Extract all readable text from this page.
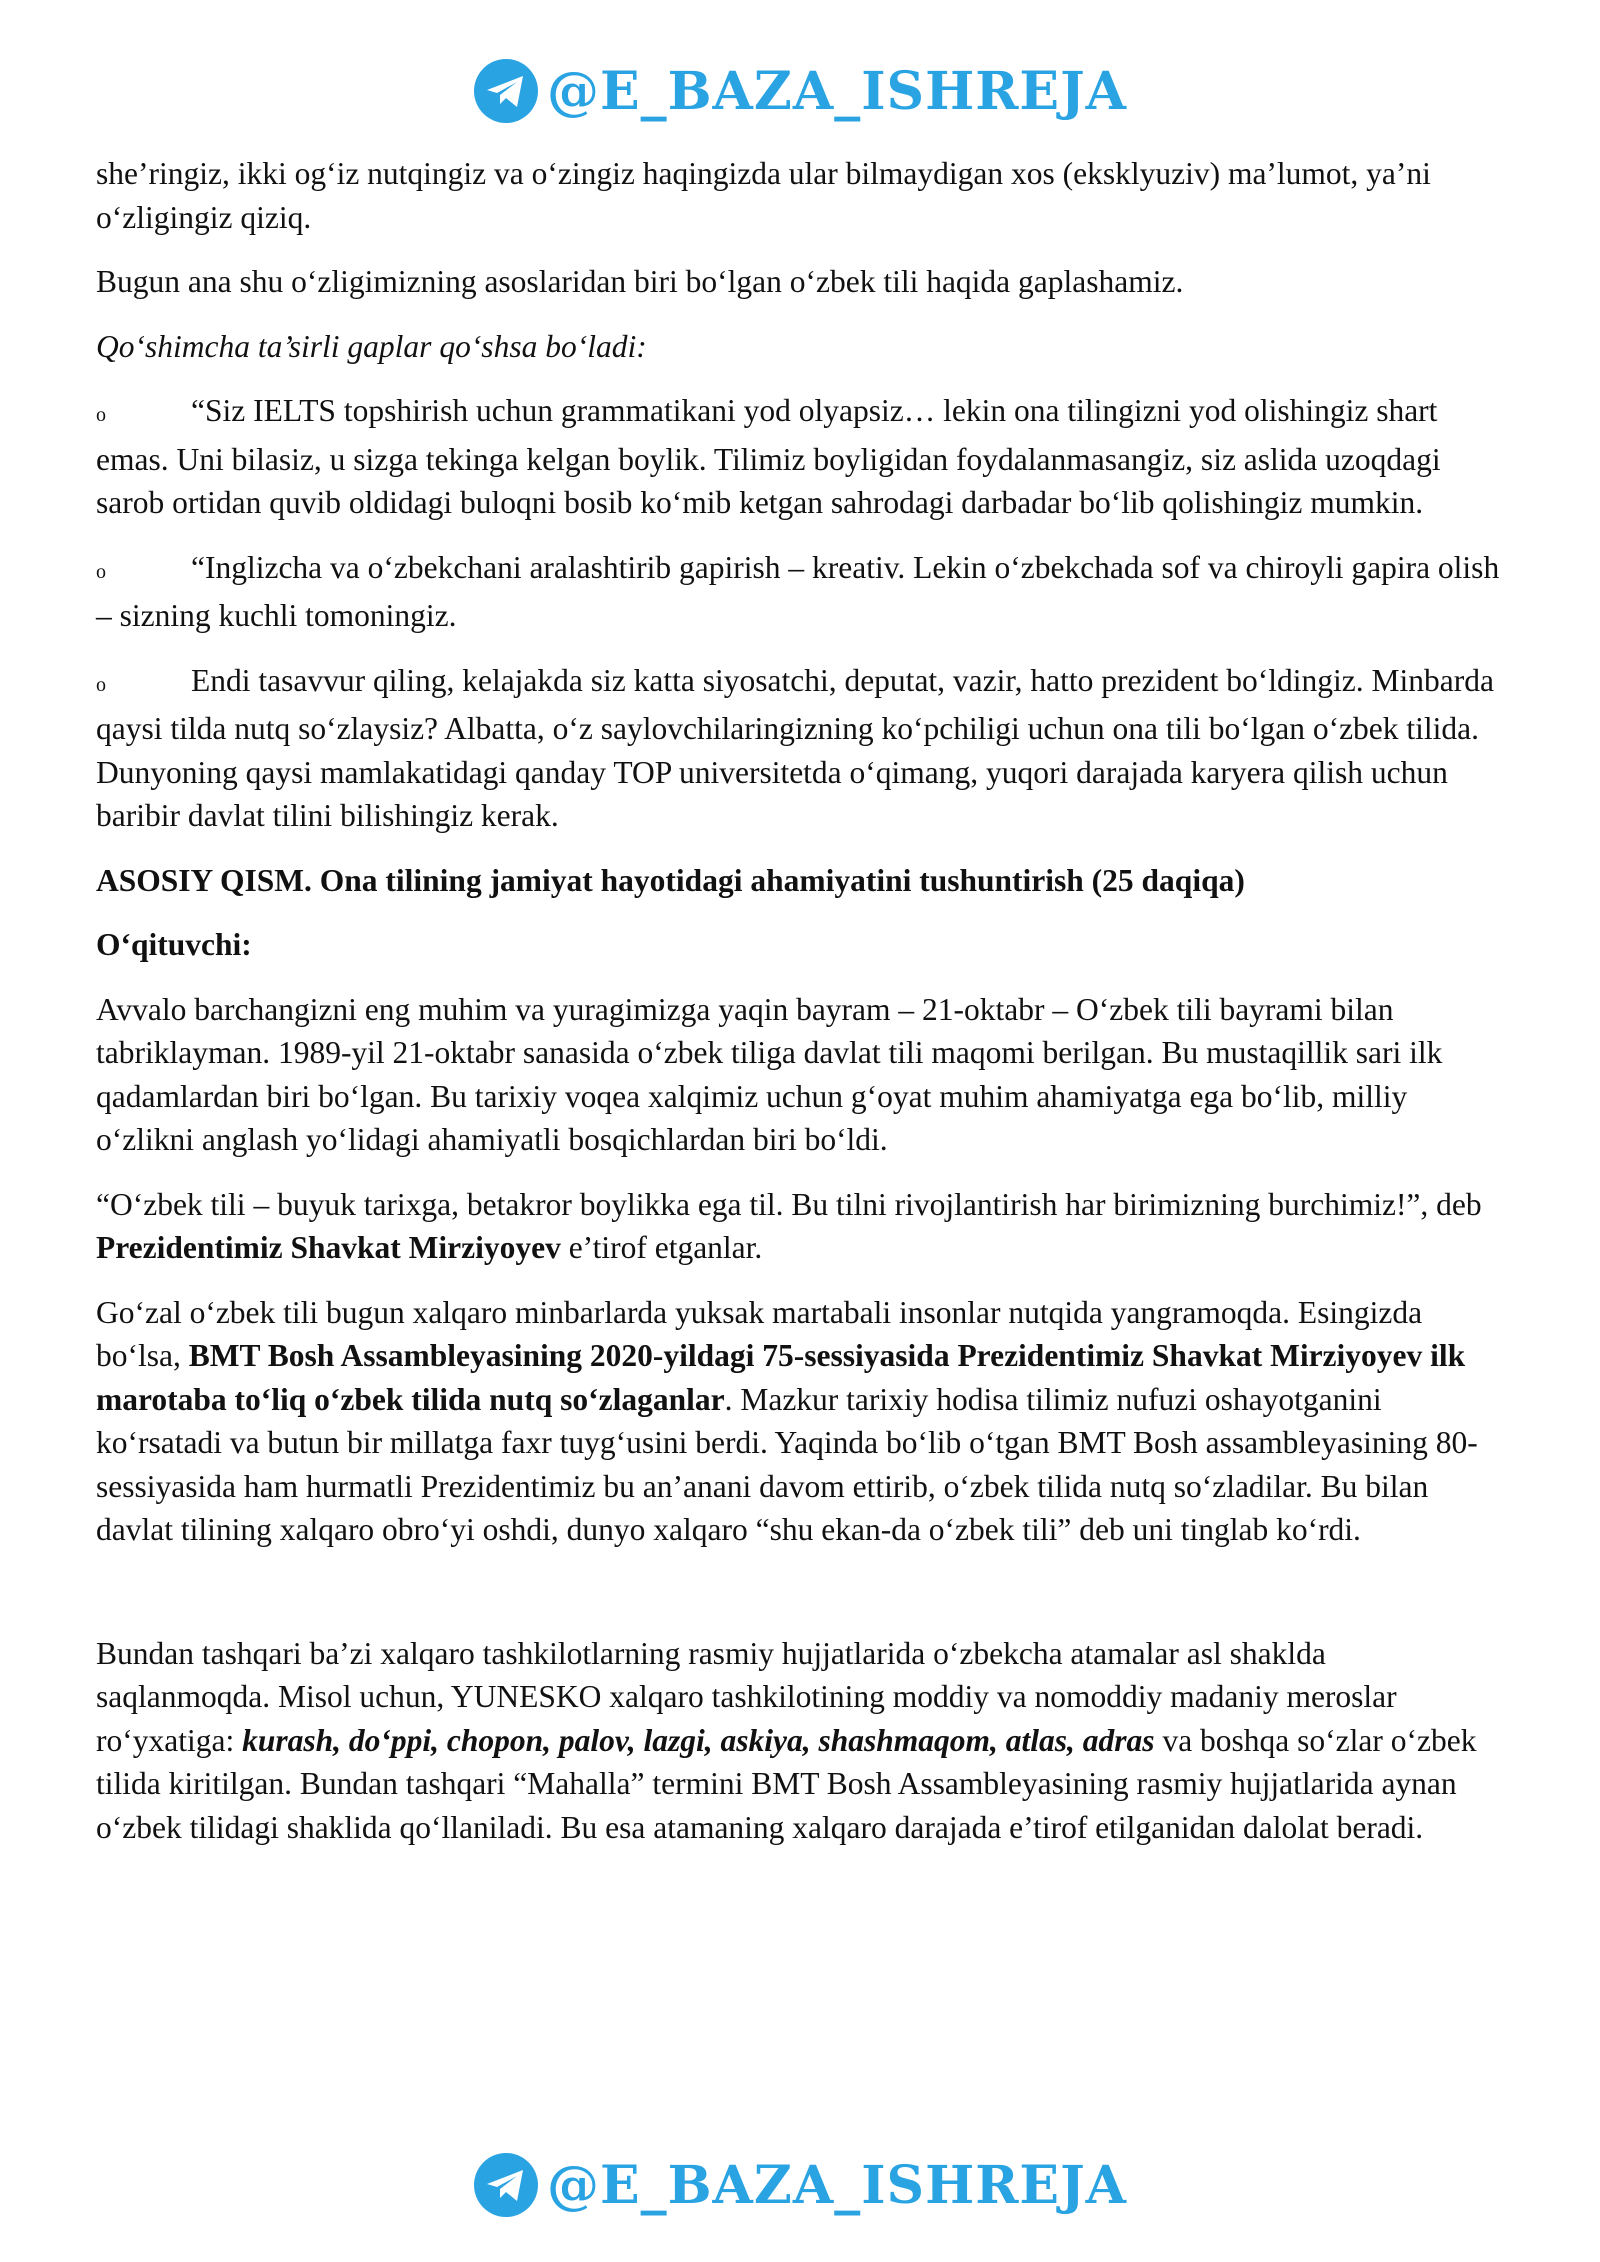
@E_BAZA_ISHREJA

she’ringiz, ikki og‘iz nutqingiz va o‘zingiz haqingizda ular bilmaydigan xos (eksklyuziv) ma’lumot, ya’ni o‘zligingiz qiziq.

Bugun ana shu o‘zligimizning asoslaridan biri bo‘lgan o‘zbek tili haqida gaplashamiz.

Qo‘shimcha ta’sirli gaplar qo‘shsa bo‘ladi:

o	“Siz IELTS topshirish uchun grammatikani yod olyapsiz… lekin ona tilingizni yod olishingiz shart emas. Uni bilasiz, u sizga tekinga kelgan boylik. Tilimiz boyligidan foydalanmasangiz, siz aslida uzoqdagi sarob ortidan quvib oldidagi buloqni bosib ko‘mib ketgan sahrodagi darbadar bo‘lib qolishingiz mumkin.

o	“Inglizcha va o‘zbekchani aralashtirib gapirish – kreativ. Lekin o‘zbekchada sof va chiroyli gapira olish – sizning kuchli tomoningiz.

o	Endi tasavvur qiling, kelajakda siz katta siyosatchi, deputat, vazir, hatto prezident bo‘ldingiz. Minbarda qaysi tilda nutq so‘zlaysiz? Albatta, o‘z saylovchilaringizning ko‘pchiligi uchun ona tili bo‘lgan o‘zbek tilida. Dunyoning qaysi mamlakatidagi qanday TOP universitetda o‘qimang, yuqori darajada karyera qilish uchun baribir davlat tilini bilishingiz kerak.

ASOSIY QISM. Ona tilining jamiyat hayotidagi ahamiyatini tushuntirish (25 daqiqa)

O‘qituvchi:

Avvalo barchangizni eng muhim va yuragimizga yaqin bayram – 21-oktabr – O‘zbek tili bayrami bilan tabriklayman. 1989-yil 21-oktabr sanasida o‘zbek tiliga davlat tili maqomi berilgan. Bu mustaqillik sari ilk qadamlardan biri bo‘lgan. Bu tarixiy voqea xalqimiz uchun g‘oyat muhim ahamiyatga ega bo‘lib, milliy o‘zlikni anglash yo‘lidagi ahamiyatli bosqichlardan biri bo‘ldi.

“O‘zbek tili – buyuk tarixga, betakror boylikka ega til. Bu tilni rivojlantirish har birimizning burchimiz!”, deb Prezidentimiz Shavkat Mirziyoyev e’tirof etganlar.

Go‘zal o‘zbek tili bugun xalqaro minbarlarda yuksak martabali insonlar nutqida yangramoqda. Esingizda bo‘lsa, BMT Bosh Assambleyasining 2020-yildagi 75-sessiyasida Prezidentimiz Shavkat Mirziyoyev ilk marotaba to‘liq o‘zbek tilida nutq so‘zlaganlar. Mazkur tarixiy hodisa tilimiz nufuzi oshayotganini ko‘rsatadi va butun bir millatga faxr tuyg‘usini berdi. Yaqinda bo‘lib o‘tgan BMT Bosh assambleyasining 80-sessiyasida ham hurmatli Prezidentimiz bu an’anani davom ettirib, o‘zbek tilida nutq so‘zladilar. Bu bilan davlat tilining xalqaro obro‘yi oshdi, dunyo xalqaro “shu ekan-da o‘zbek tili” deb uni tinglab ko‘rdi.

Bundan tashqari ba’zi xalqaro tashkilotlarning rasmiy hujjatlarida o‘zbekcha atamalar asl shaklda saqlanmoqda. Misol uchun, YUNESKO xalqaro tashkilotining moddiy va nomoddiy madaniy meroslar ro‘yxatiga: kurash, do‘ppi, chopon, palov, lazgi, askiya, shashmaqom, atlas, adras va boshqa so‘zlar o‘zbek tilida kiritilgan. Bundan tashqari “Mahalla” termini BMT Bosh Assambleyasining rasmiy hujjatlarida aynan o‘zbek tilidagi shaklida qo‘llaniladi. Bu esa atamaning xalqaro darajada e’tirof etilganidan dalolat beradi.

@E_BAZA_ISHREJA
